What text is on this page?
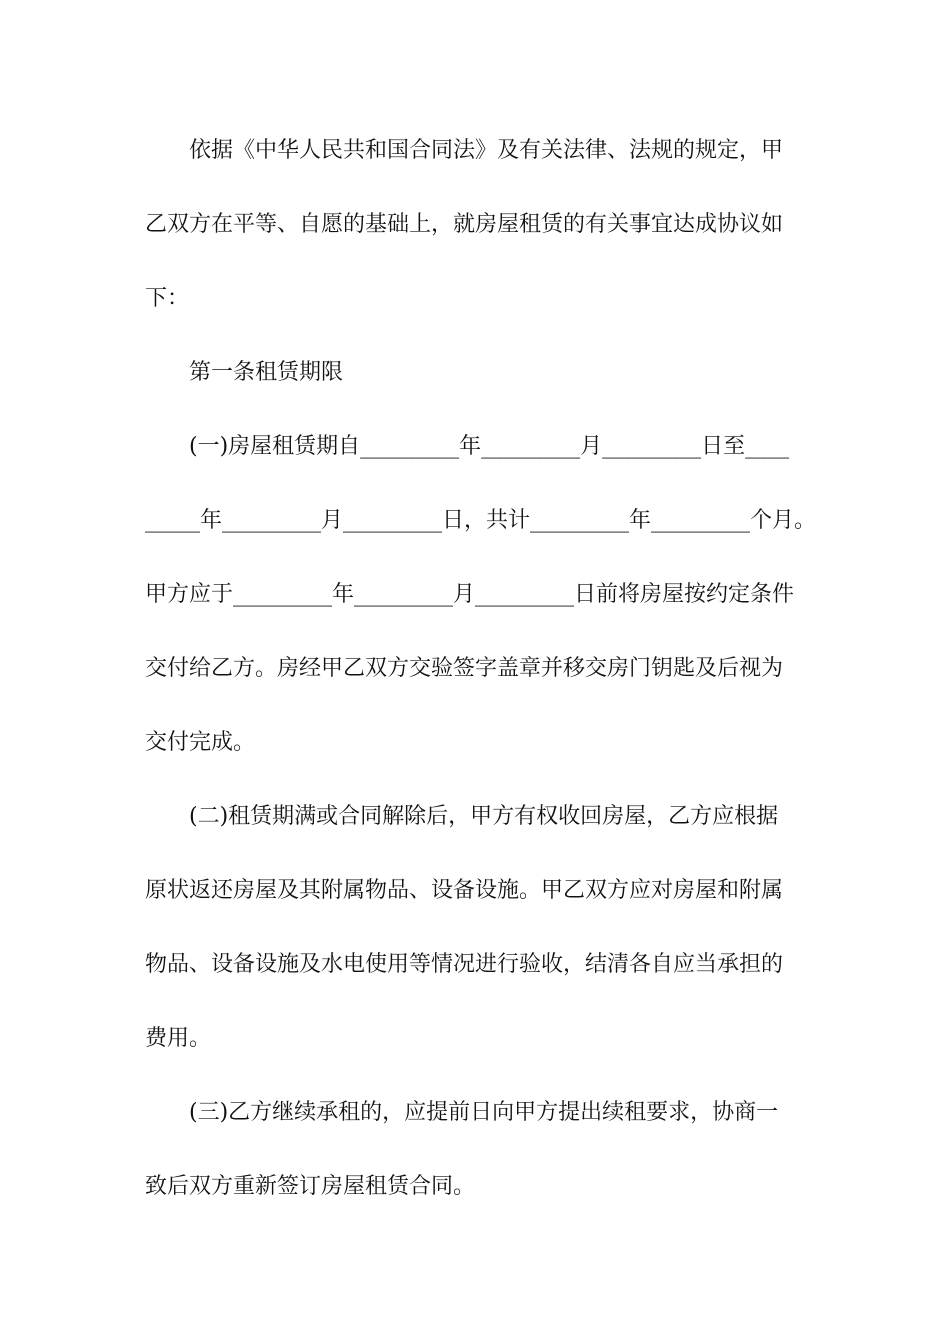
依据《中华人民共和国合同法》及有关法律、法规的规定，甲
乙双方在平等、自愿的基础上，就房屋租赁的有关事宜达成协议如
下：
第一条租赁期限
(一)房屋租赁期自_________年_________月_________日至____
_____年_________月_________日，共计_________年_________个月。
甲方应于_________年_________月_________日前将房屋按约定条件
交付给乙方。房经甲乙双方交验签字盖章并移交房门钥匙及后视为
交付完成。
(二)租赁期满或合同解除后，甲方有权收回房屋，乙方应根据
原状返还房屋及其附属物品、设备设施。甲乙双方应对房屋和附属
物品、设备设施及水电使用等情况进行验收，结清各自应当承担的
费用。
(三)乙方继续承租的，应提前日向甲方提出续租要求，协商一
致后双方重新签订房屋租赁合同。
